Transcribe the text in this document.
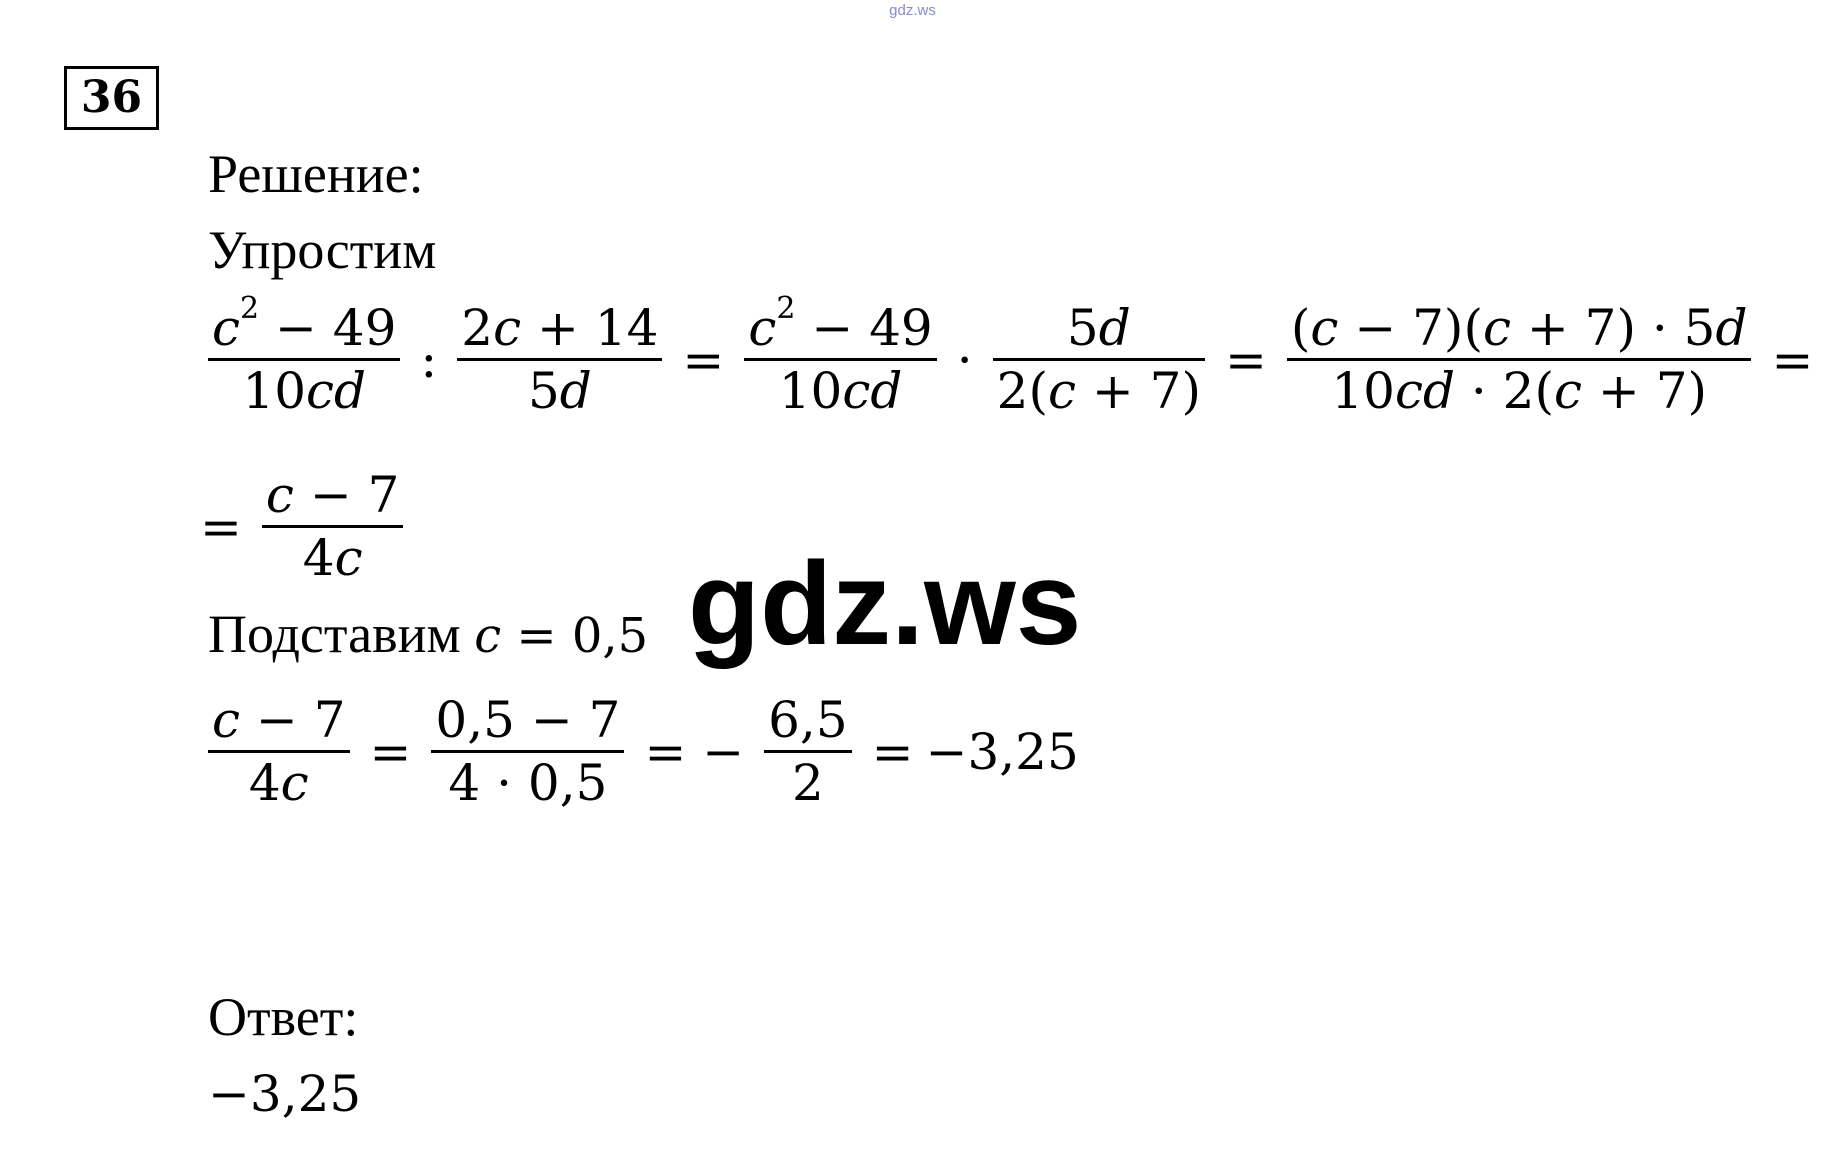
gdz.ws
36
Решение:
Упростим
$\frac{c^2 - 49}{10cd}$ : $\frac{2c + 14}{5d} = \frac{c^2 - 49}{10cd} \cdot \frac{5d}{2(c + 7)} = \frac{(c - 7)(c + 7) \cdot 5d}{10cd \cdot 2(c + 7)}$ =
= $\frac{c - 7}{4c}$
Подставим c = 0,5
$\frac{c - 7}{4c} = \frac{0,5 - 7}{4 \cdot 0,5}$ = − $\frac{6,5}{2} = -3,25$
Ответ:
−3,25
gdz.ws
